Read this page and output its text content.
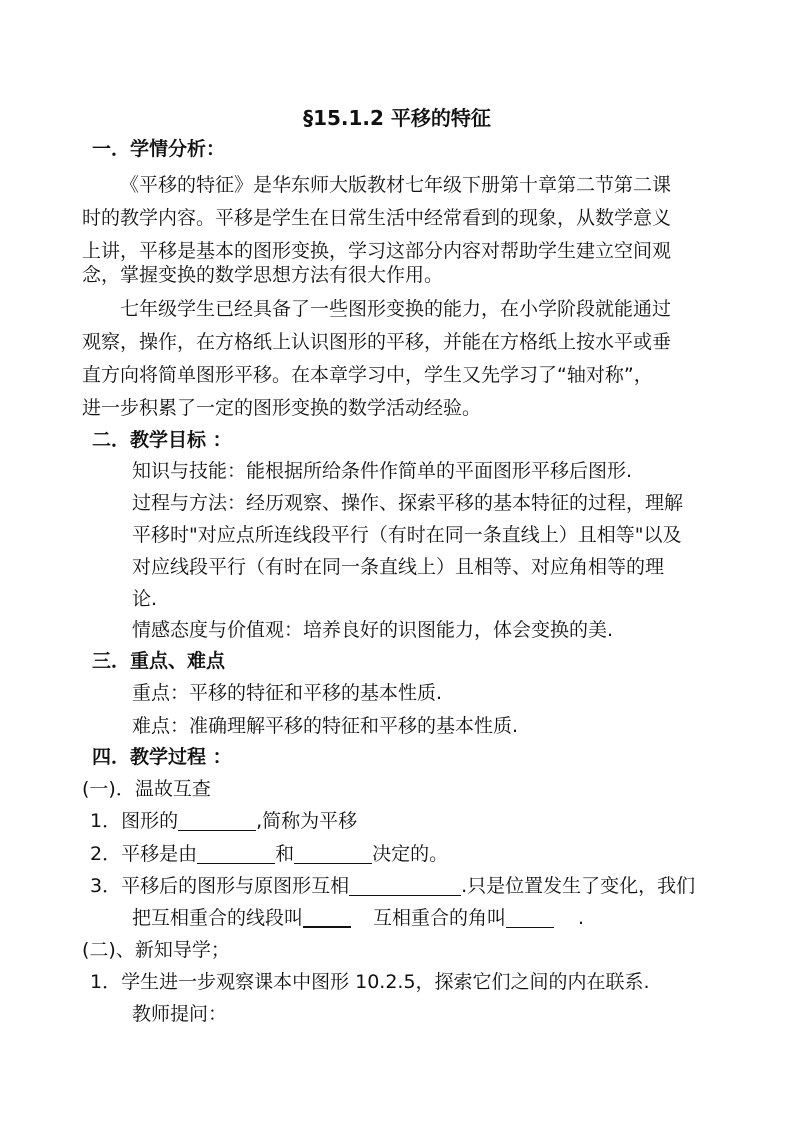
§15.1.2 平移的特征
一．学情分析：
《平移的特征》是华东师大版教材七年级下册第十章第二节第二课
时的教学内容。平移是学生在日常生活中经常看到的现象，从数学意义
上讲，平移是基本的图形变换，学习这部分内容对帮助学生建立空间观
念，掌握变换的数学思想方法有很大作用。
七年级学生已经具备了一些图形变换的能力，在小学阶段就能通过
观察，操作，在方格纸上认识图形的平移，并能在方格纸上按水平或垂
直方向将简单图形平移。在本章学习中，学生又先学习了“轴对称”，
进一步积累了一定的图形变换的数学活动经验。
二．教学目标 ：
知识与技能：能根据所给条件作简单的平面图形平移后图形.
过程与方法：经历观察、操作、探索平移的基本特征的过程，理解
平移时"对应点所连线段平行（有时在同一条直线上）且相等"以及
对应线段平行（有时在同一条直线上）且相等、对应角相等的理
论.
情感态度与价值观：培养良好的识图能力，体会变换的美.
三．重点、难点
重点：平移的特征和平移的基本性质.
难点：准确理解平移的特征和平移的基本性质.
四．教学过程 ：
(一)．温故互查
1．图形的	,简称为平移
2．平移是由	和	决定的。
3．平移后的图形与原图形互相	.只是位置发生了变化，我们
把互相重合的线段叫	互相重合的角叫	.
(二)、新知导学；
1．学生进一步观察课本中图形 10.2.5，探索它们之间的内在联系.
教师提问：
